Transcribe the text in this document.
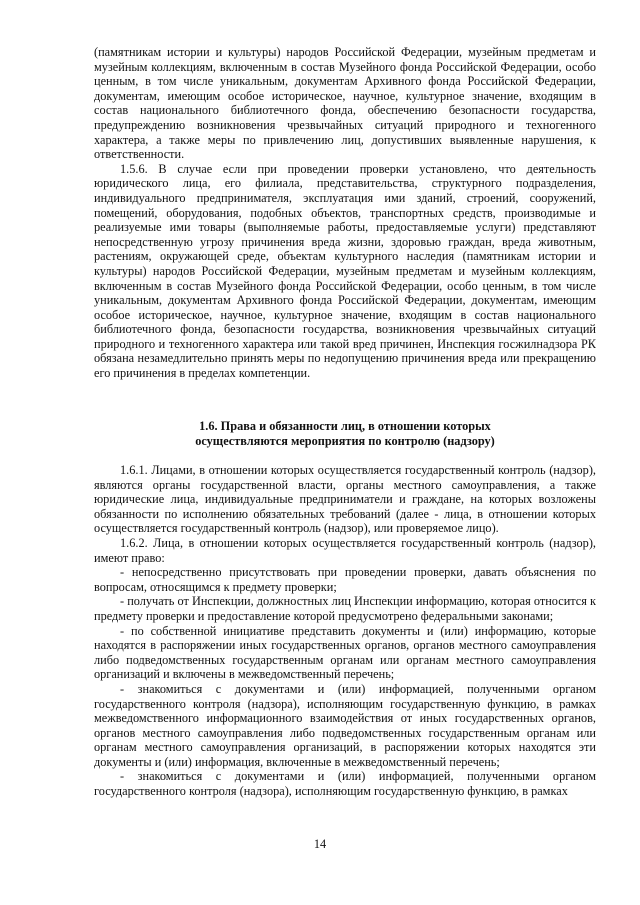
(памятникам истории и культуры) народов Российской Федерации, музейным предметам и музейным коллекциям, включенным в состав Музейного фонда Российской Федерации, особо ценным, в том числе уникальным, документам Архивного фонда Российской Федерации, документам, имеющим особое историческое, научное, культурное значение, входящим в состав национального библиотечного фонда, обеспечению безопасности государства, предупреждению возникновения чрезвычайных ситуаций природного и техногенного характера, а также меры по привлечению лиц, допустивших выявленные нарушения, к ответственности.

1.5.6. В случае если при проведении проверки установлено, что деятельность юридического лица, его филиала, представительства, структурного подразделения, индивидуального предпринимателя, эксплуатация ими зданий, строений, сооружений, помещений, оборудования, подобных объектов, транспортных средств, производимые и реализуемые ими товары (выполняемые работы, предоставляемые услуги) представляют непосредственную угрозу причинения вреда жизни, здоровью граждан, вреда животным, растениям, окружающей среде, объектам культурного наследия (памятникам истории и культуры) народов Российской Федерации, музейным предметам и музейным коллекциям, включенным в состав Музейного фонда Российской Федерации, особо ценным, в том числе уникальным, документам Архивного фонда Российской Федерации, документам, имеющим особое историческое, научное, культурное значение, входящим в состав национального библиотечного фонда, безопасности государства, возникновения чрезвычайных ситуаций природного и техногенного характера или такой вред причинен, Инспекция госжилнадзора РК обязана незамедлительно принять меры по недопущению причинения вреда или прекращению его причинения в пределах компетенции.

1.6. Права и обязанности лиц, в отношении которых
осуществляются мероприятия по контролю (надзору)

1.6.1. Лицами, в отношении которых осуществляется государственный контроль (надзор), являются органы государственной власти, органы местного самоуправления, а также юридические лица, индивидуальные предприниматели и граждане, на которых возложены обязанности по исполнению обязательных требований (далее - лица, в отношении которых осуществляется государственный контроль (надзор), или проверяемое лицо).

1.6.2. Лица, в отношении которых осуществляется государственный контроль (надзор), имеют право:

- непосредственно присутствовать при проведении проверки, давать объяснения по вопросам, относящимся к предмету проверки;

- получать от Инспекции, должностных лиц Инспекции информацию, которая относится к предмету проверки и предоставление которой предусмотрено федеральными законами;

- по собственной инициативе представить документы и (или) информацию, которые находятся в распоряжении иных государственных органов, органов местного самоуправления либо подведомственных государственным органам или органам местного самоуправления организаций и включены в межведомственный перечень;

- знакомиться с документами и (или) информацией, полученными органом государственного контроля (надзора), исполняющим государственную функцию, в рамках межведомственного информационного взаимодействия от иных государственных органов, органов местного самоуправления либо подведомственных государственным органам или органам местного самоуправления организаций, в распоряжении которых находятся эти документы и (или) информация, включенные в межведомственный перечень;

- знакомиться с документами и (или) информацией, полученными органом государственного контроля (надзора), исполняющим государственную функцию, в рамках

14
